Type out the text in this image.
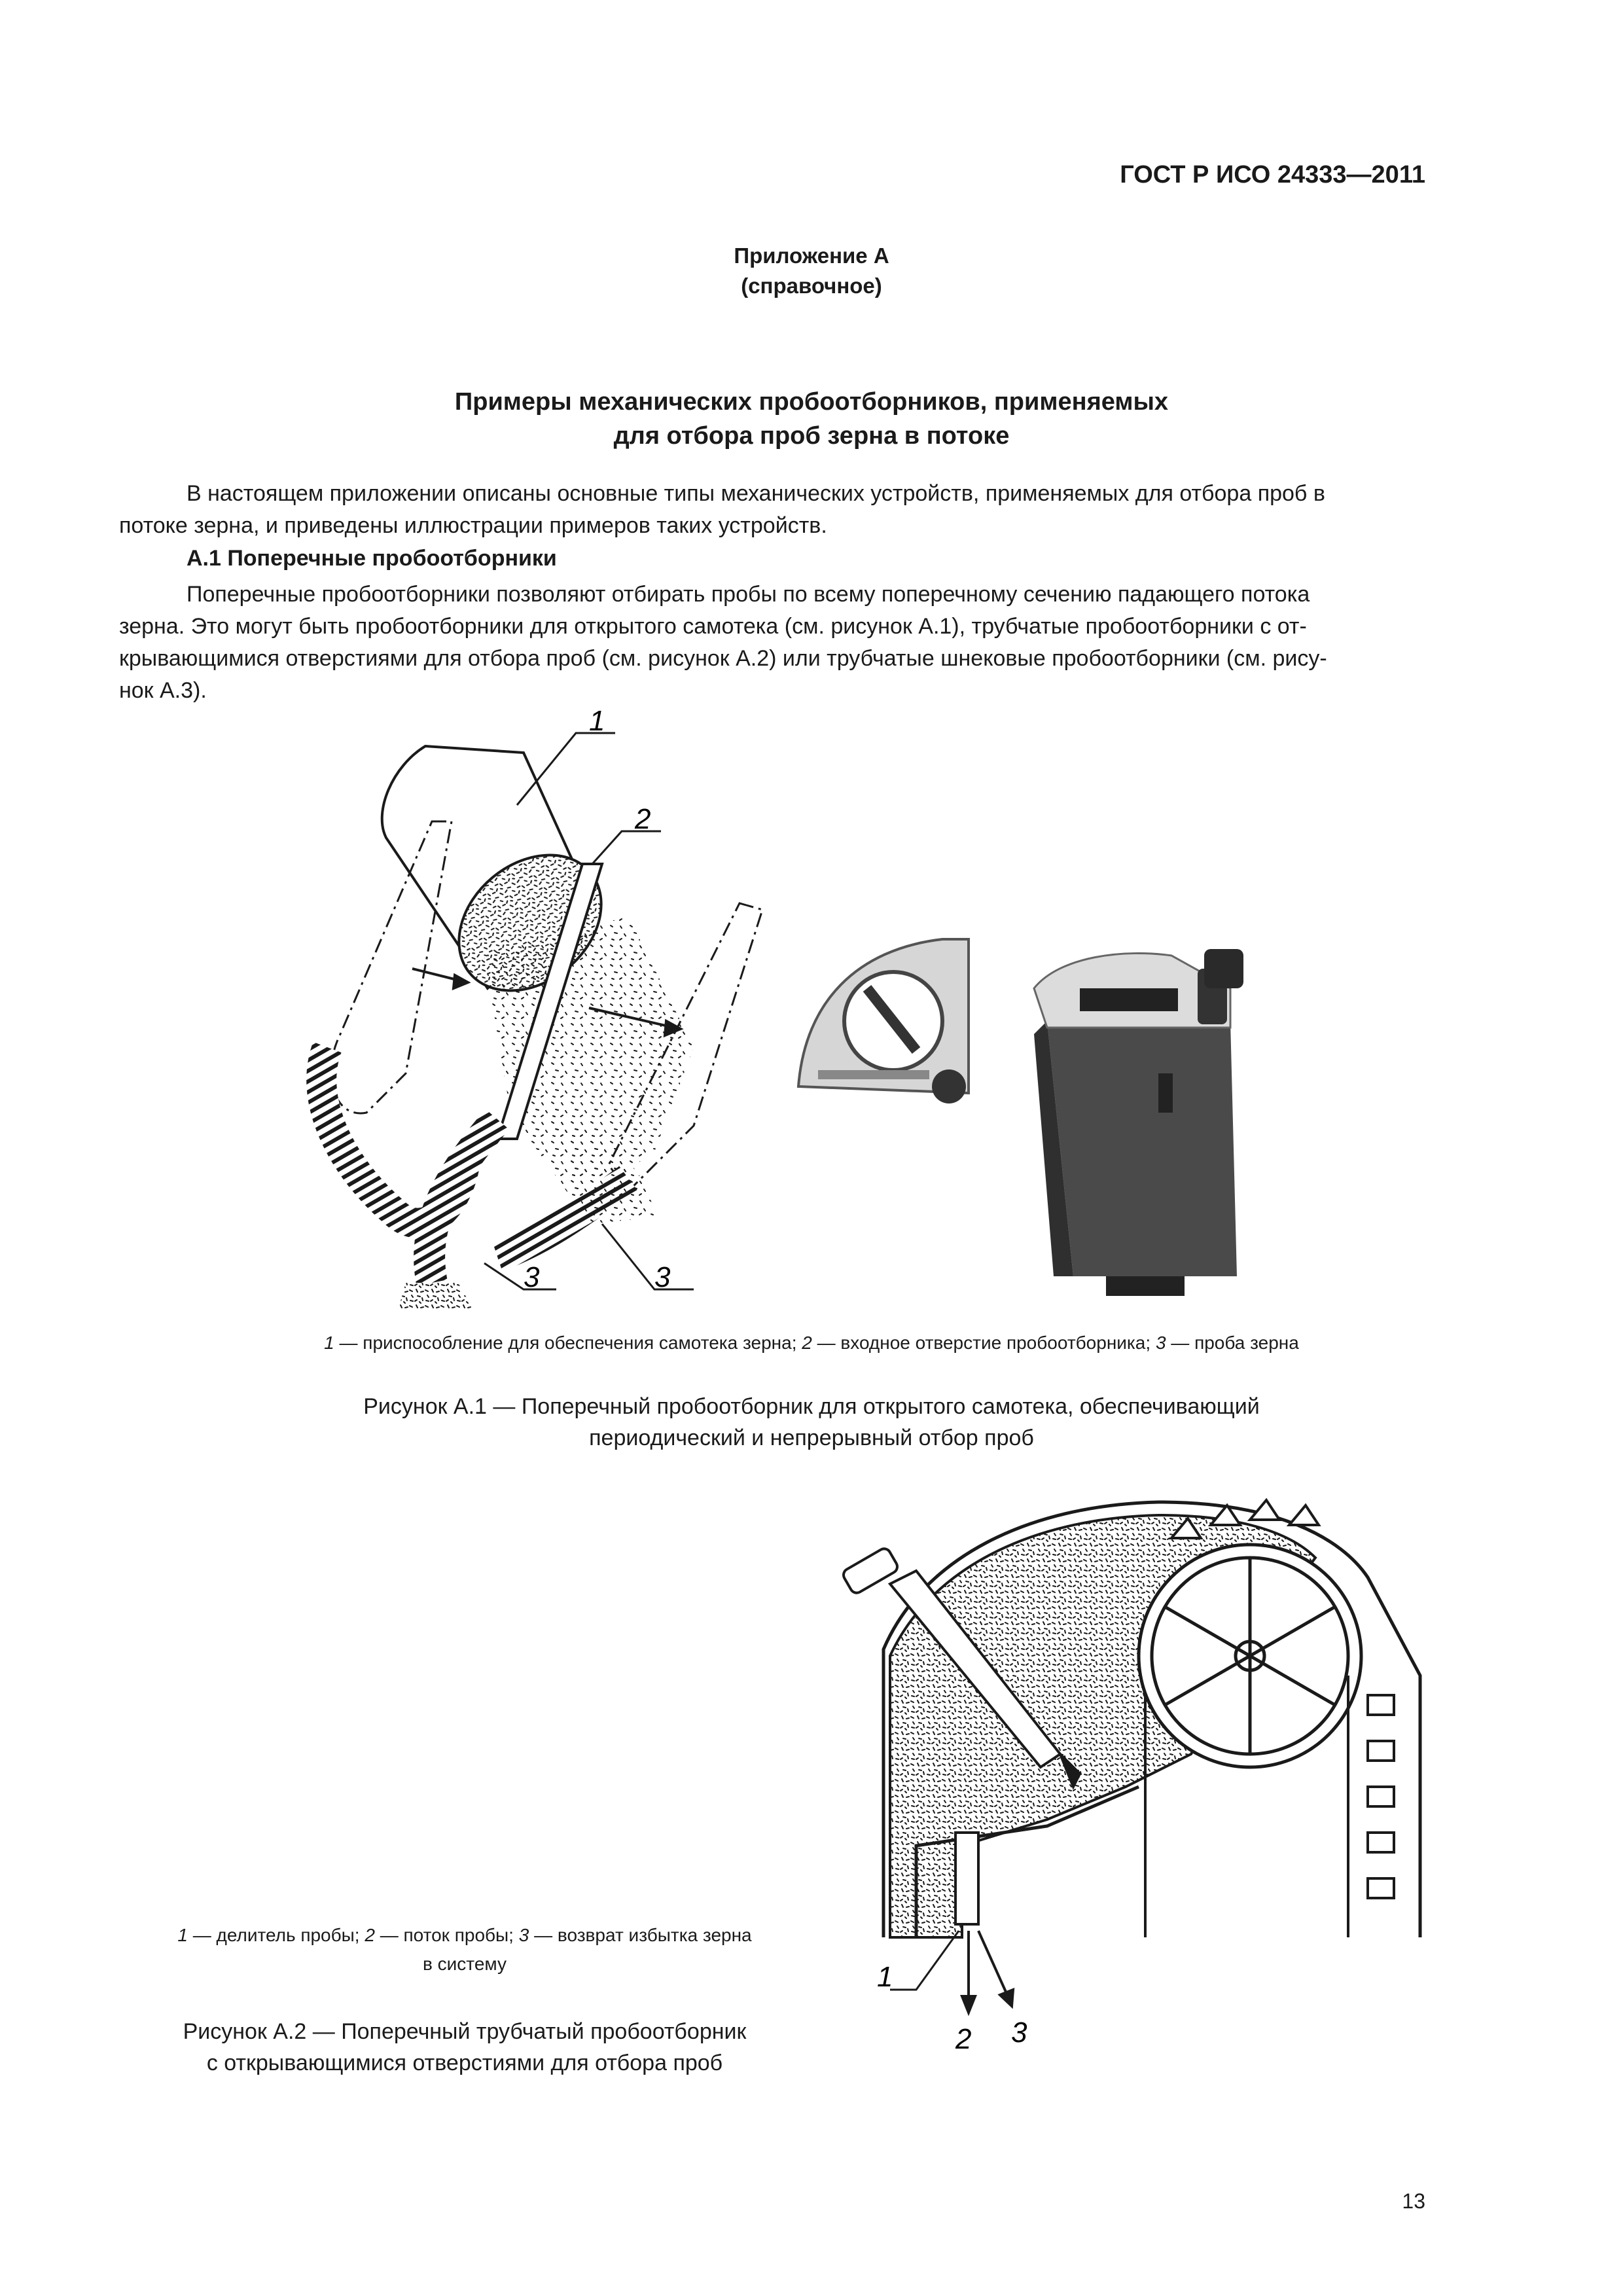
ГОСТ Р ИСО 24333—2011
Приложение А
(справочное)
Примеры механических пробоотборников, применяемых
для отбора проб зерна в потоке
В настоящем приложении описаны основные типы механических устройств, применяемых для отбора проб в
потоке зерна, и приведены иллюстрации примеров таких устройств.
А.1 Поперечные пробоотборники
Поперечные пробоотборники позволяют отбирать пробы по всему поперечному сечению падающего потока
зерна. Это могут быть пробоотборники для открытого самотека (см. рисунок А.1), трубчатые пробоотборники с от-
крывающимися отверстиями для отбора проб (см. рисунок А.2) или трубчатые шнековые пробоотборники (см. рису-
нок А.3).
1
2
3	3
1 — приспособление для обеспечения самотека зерна; 2 — входное отверстие пробоотборника; 3 — проба зерна
Рисунок А.1 — Поперечный пробоотборник для открытого самотека, обеспечивающий
периодический и непрерывный отбор проб
1
2 3
1 — делитель пробы; 2 — поток пробы; 3 — возврат избытка зерна
в систему
Рисунок А.2 — Поперечный трубчатый пробоотборник
с открывающимися отверстиями для отбора проб
13
